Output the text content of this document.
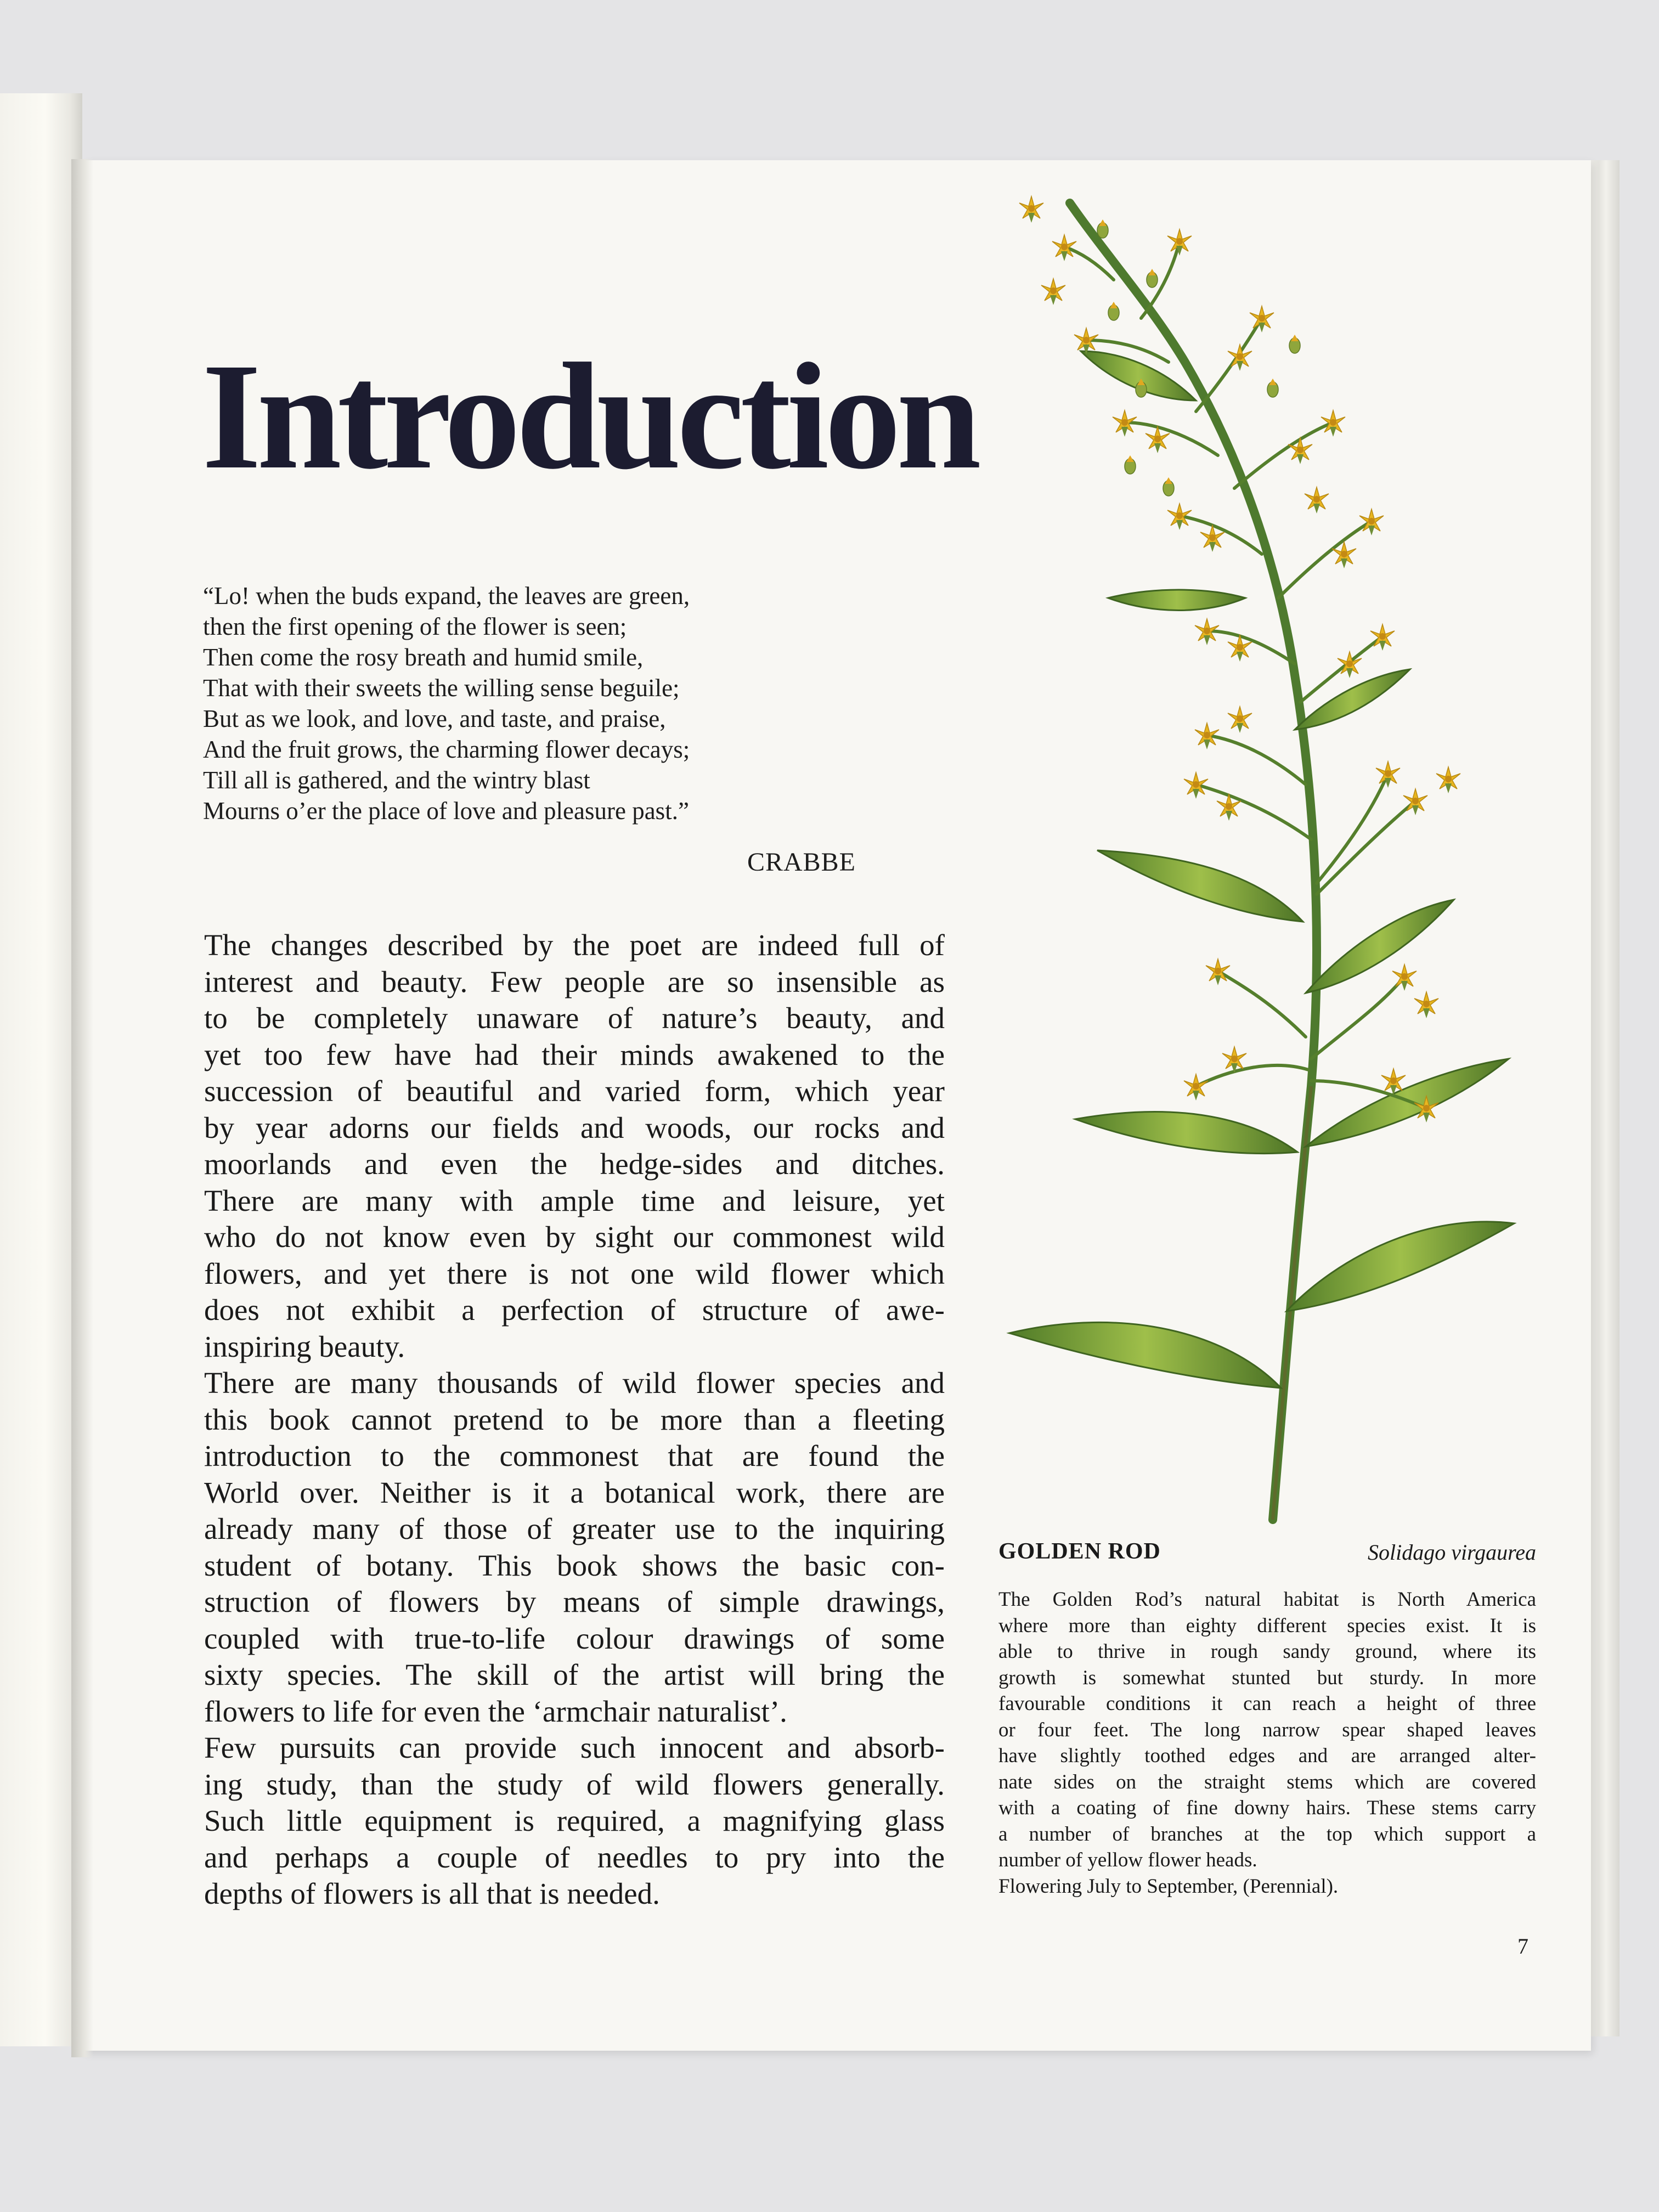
Introduction
“Lo! when the buds expand, the leaves are green,
then the first opening of the flower is seen;
Then come the rosy breath and humid smile,
That with their sweets the willing sense beguile;
But as we look, and love, and taste, and praise,
And the fruit grows, the charming flower decays;
Till all is gathered, and the wintry blast
Mourns o’er the place of love and pleasure past.”
CRABBE
The changes described by the poet are indeed full of
interest and beauty. Few people are so insensible as
to be completely unaware of nature’s beauty, and
yet too few have had their minds awakened to the
succession of beautiful and varied form, which year
by year adorns our fields and woods, our rocks and
moorlands and even the hedge-sides and ditches.
There are many with ample time and leisure, yet
who do not know even by sight our commonest wild
flowers, and yet there is not one wild flower which
does not exhibit a perfection of structure of awe-
inspiring beauty.
There are many thousands of wild flower species and
this book cannot pretend to be more than a fleeting
introduction to the commonest that are found the
World over. Neither is it a botanical work, there are
already many of those of greater use to the inquiring
student of botany. This book shows the basic con-
struction of flowers by means of simple drawings,
coupled with true-to-life colour drawings of some
sixty species. The skill of the artist will bring the
flowers to life for even the ‘armchair naturalist’.
Few pursuits can provide such innocent and absorb-
ing study, than the study of wild flowers generally.
Such little equipment is required, a magnifying glass
and perhaps a couple of needles to pry into the
depths of flowers is all that is needed.
GOLDEN ROD	Solidago virgaurea
The Golden Rod’s natural habitat is North America
where more than eighty different species exist. It is
able to thrive in rough sandy ground, where its
growth is somewhat stunted but sturdy. In more
favourable conditions it can reach a height of three
or four feet. The long narrow spear shaped leaves
have slightly toothed edges and are arranged alter-
nate sides on the straight stems which are covered
with a coating of fine downy hairs. These stems carry
a number of branches at the top which support a
number of yellow flower heads.
Flowering July to September, (Perennial).
7
